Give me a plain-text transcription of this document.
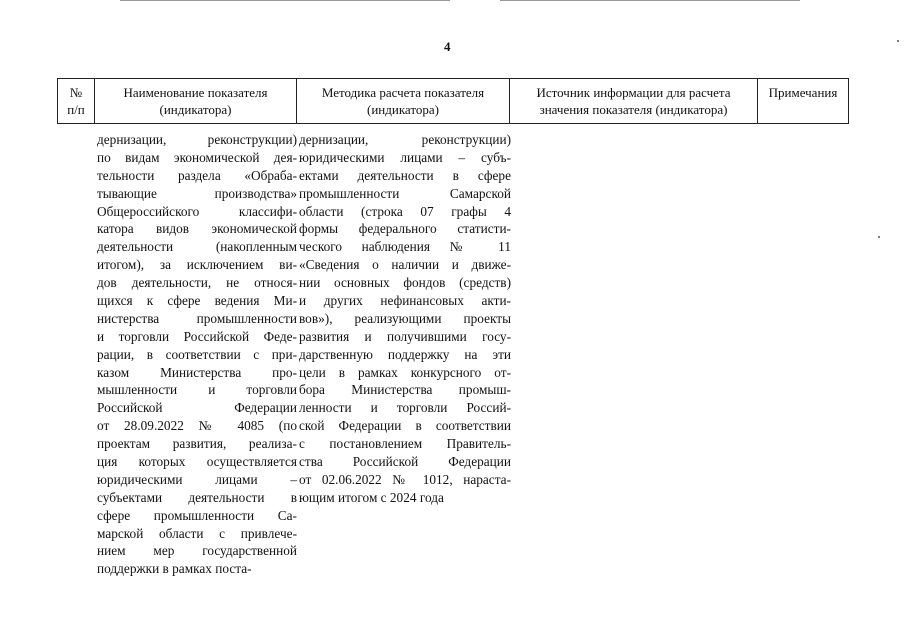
4
№
п/п
Наименование показателя
(индикатора)
Методика расчета показателя
(индикатора)
Источник информации для расчета
значения показателя (индикатора)
Примечания
дернизации, реконструкции)
по видам экономической дея-
тельности раздела «Обраба-
тывающие производства»
Общероссийского классифи-
катора видов экономической
деятельности (накопленным
итогом), за исключением ви-
дов деятельности, не относя-
щихся к сфере ведения Ми-
нистерства промышленности
и торговли Российской Феде-
рации, в соответствии с при-
казом Министерства про-
мышленности и торговли
Российской Федерации
от 28.09.2022 № 4085 (по
проектам развития, реализа-
ция которых осуществляется
юридическими лицами –
субъектами деятельности в
сфере промышленности Са-
марской области с привлече-
нием мер государственной
поддержки в рамках поста-
дернизации, реконструкции)
юридическими лицами – субъ-
ектами деятельности в сфере
промышленности Самарской
области (строка 07 графы 4
формы федерального статисти-
ческого наблюдения № 11
«Сведения о наличии и движе-
нии основных фондов (средств)
и других нефинансовых акти-
вов»), реализующими проекты
развития и получившими госу-
дарственную поддержку на эти
цели в рамках конкурсного от-
бора Министерства промыш-
ленности и торговли Россий-
ской Федерации в соответствии
с постановлением Правитель-
ства Российской Федерации
от 02.06.2022 № 1012, нараста-
ющим итогом с 2024 года
